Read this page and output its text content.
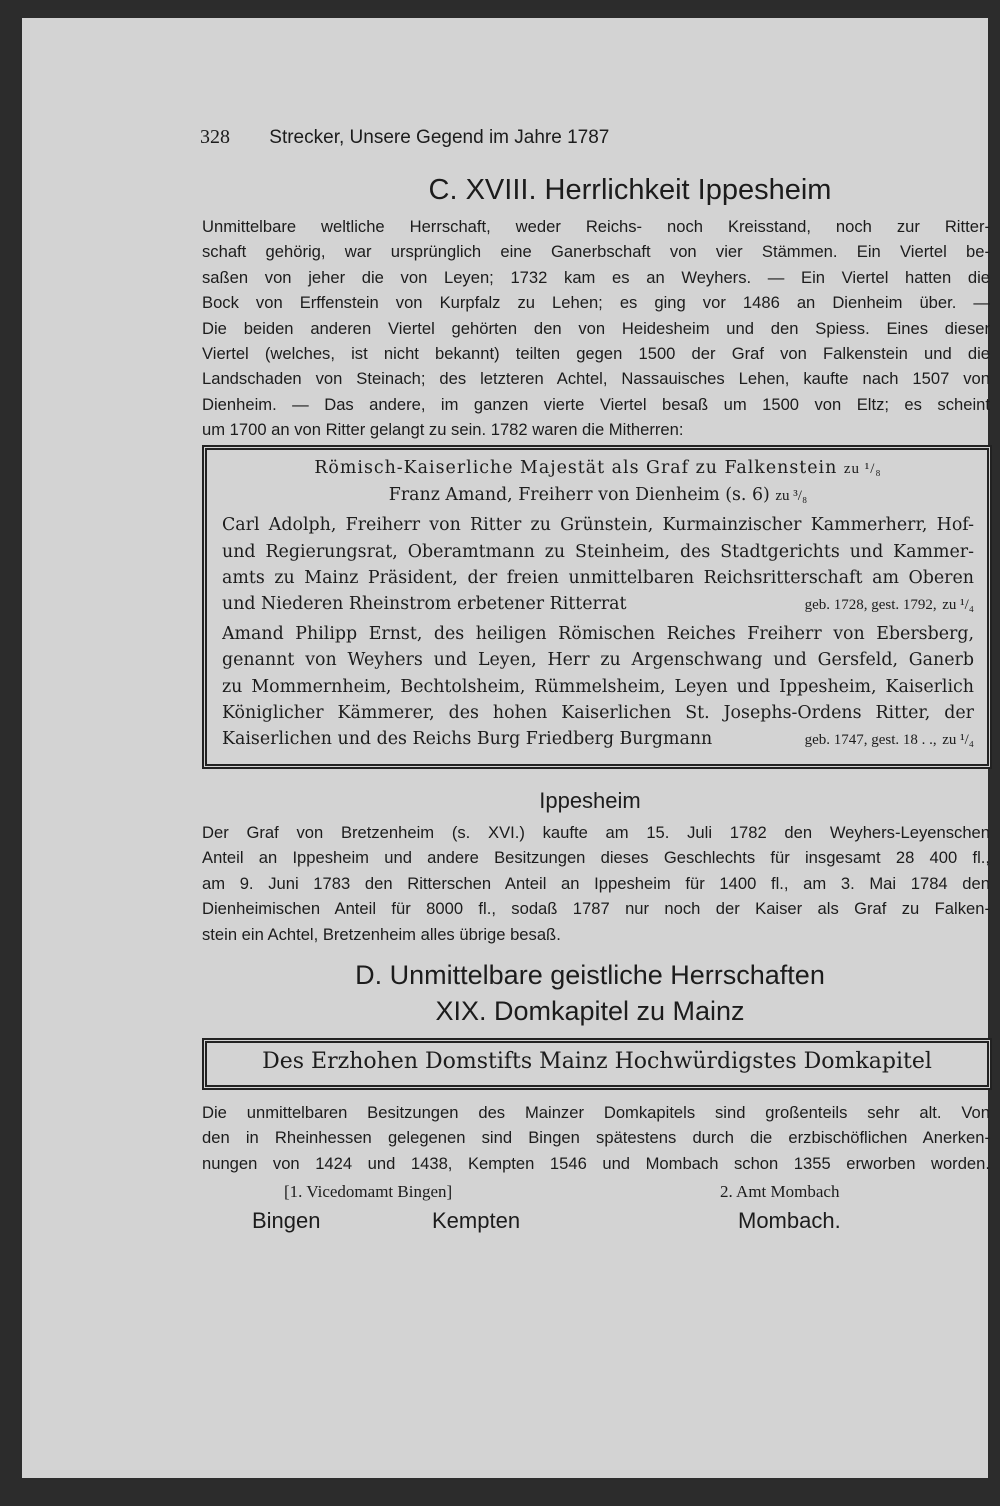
328 Strecker, Unsere Gegend im Jahre 1787
C. XVIII. Herrlichkeit Ippesheim
Unmittelbare weltliche Herrschaft, weder Reichs- noch Kreisstand, noch zur Ritter-
schaft gehörig, war ursprünglich eine Ganerbschaft von vier Stämmen. Ein Viertel be-
saßen von jeher die von Leyen; 1732 kam es an Weyhers. — Ein Viertel hatten die
Bock von Erffenstein von Kurpfalz zu Lehen; es ging vor 1486 an Dienheim über. —
Die beiden anderen Viertel gehörten den von Heidesheim und den Spiess. Eines dieser
Viertel (welches, ist nicht bekannt) teilten gegen 1500 der Graf von Falkenstein und die
Landschaden von Steinach; des letzteren Achtel, Nassauisches Lehen, kaufte nach 1507 von
Dienheim. — Das andere, im ganzen vierte Viertel besaß um 1500 von Eltz; es scheint
um 1700 an von Ritter gelangt zu sein. 1782 waren die Mitherren:
Römisch-Kaiserliche Majestät als Graf zu Falkenstein zu ¹/₈
Franz Amand, Freiherr von Dienheim (s. 6) zu ³/₈
Carl Adolph, Freiherr von Ritter zu Grünstein, Kurmainzischer Kammerherr, Hof-
und Regierungsrat, Oberamtmann zu Steinheim, des Stadtgerichts und Kammer-
amts zu Mainz Präsident, der freien unmittelbaren Reichsritterschaft am Oberen
und Niederen Rheinstrom erbetener Ritterrat	geb. 1728, gest. 1792, zu ¹/₄
Amand Philipp Ernst, des heiligen Römischen Reiches Freiherr von Ebersberg,
genannt von Weyhers und Leyen, Herr zu Argenschwang und Gersfeld, Ganerb
zu Mommernheim, Bechtolsheim, Rümmelsheim, Leyen und Ippesheim, Kaiserlich
Königlicher Kämmerer, des hohen Kaiserlichen St. Josephs-Ordens Ritter, der
Kaiserlichen und des Reichs Burg Friedberg Burgmann	geb. 1747, gest. 18 . ., zu ¹/₄
Ippesheim
Der Graf von Bretzenheim (s. XVI.) kaufte am 15. Juli 1782 den Weyhers-Leyenschen
Anteil an Ippesheim und andere Besitzungen dieses Geschlechts für insgesamt 28 400 fl.,
am 9. Juni 1783 den Ritterschen Anteil an Ippesheim für 1400 fl., am 3. Mai 1784 den
Dienheimischen Anteil für 8000 fl., sodaß 1787 nur noch der Kaiser als Graf zu Falken-
stein ein Achtel, Bretzenheim alles übrige besaß.
D. Unmittelbare geistliche Herrschaften
XIX. Domkapitel zu Mainz
Des Erzhohen Domstifts Mainz Hochwürdigstes Domkapitel
Die unmittelbaren Besitzungen des Mainzer Domkapitels sind großenteils sehr alt. Von
den in Rheinhessen gelegenen sind Bingen spätestens durch die erzbischöflichen Anerken-
nungen von 1424 und 1438, Kempten 1546 und Mombach schon 1355 erworben worden.
[1. Vicedomamt Bingen]	2. Amt Mombach
Bingen	Kempten	Mombach.
